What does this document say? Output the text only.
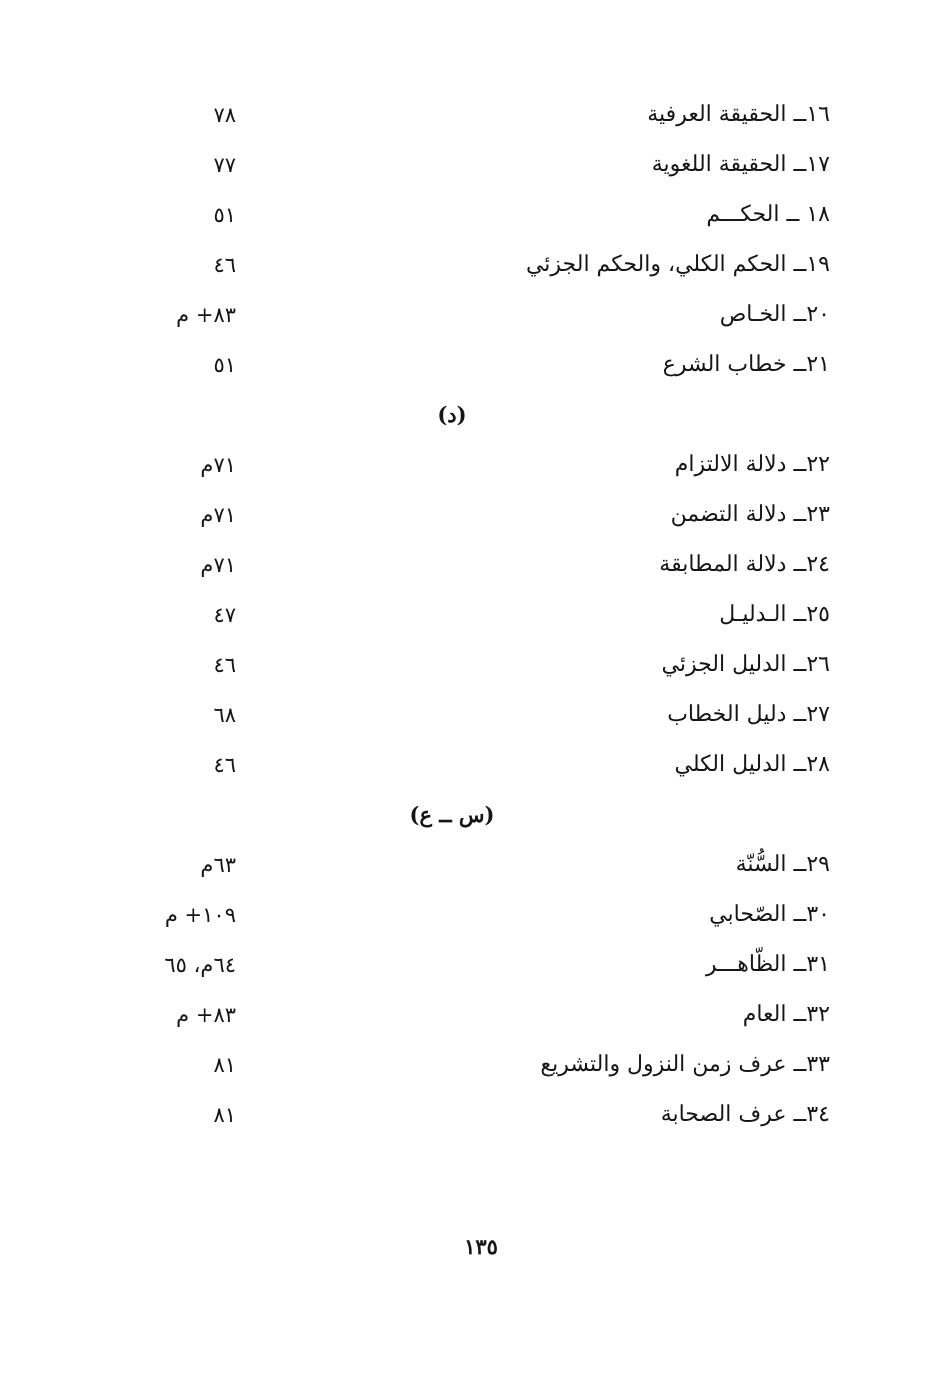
١٦ــ الحقيقة العرفية
٧٨
١٧ــ الحقيقة اللغوية
٧٧
١٨ ــ الحكـــم
٥١
١٩ــ الحكم الكلي، والحكم الجزئي
٤٦
٢٠ــ الخـاص
٨٣+ م
٢١ــ خطاب الشرع
٥١
(د)
٢٢ــ دلالة الالتزام
٧١م
٢٣ــ دلالة التضمن
٧١م
٢٤ــ دلالة المطابقة
٧١م
٢٥ــ الـدليـل
٤٧
٢٦ــ الدليل الجزئي
٤٦
٢٧ــ دليل الخطاب
٦٨
٢٨ــ الدليل الكلي
٤٦
(س ــ ع)
٢٩ــ السُّنّة
٦٣م
٣٠ــ الصّحابي
١٠٩+ م
٣١ــ الظّاهـــر
٦٤م، ٦٥
٣٢ــ العام
٨٣+ م
٣٣ــ عرف زمن النزول والتشريع
٨١
٣٤ــ عرف الصحابة
٨١
١٣٥
